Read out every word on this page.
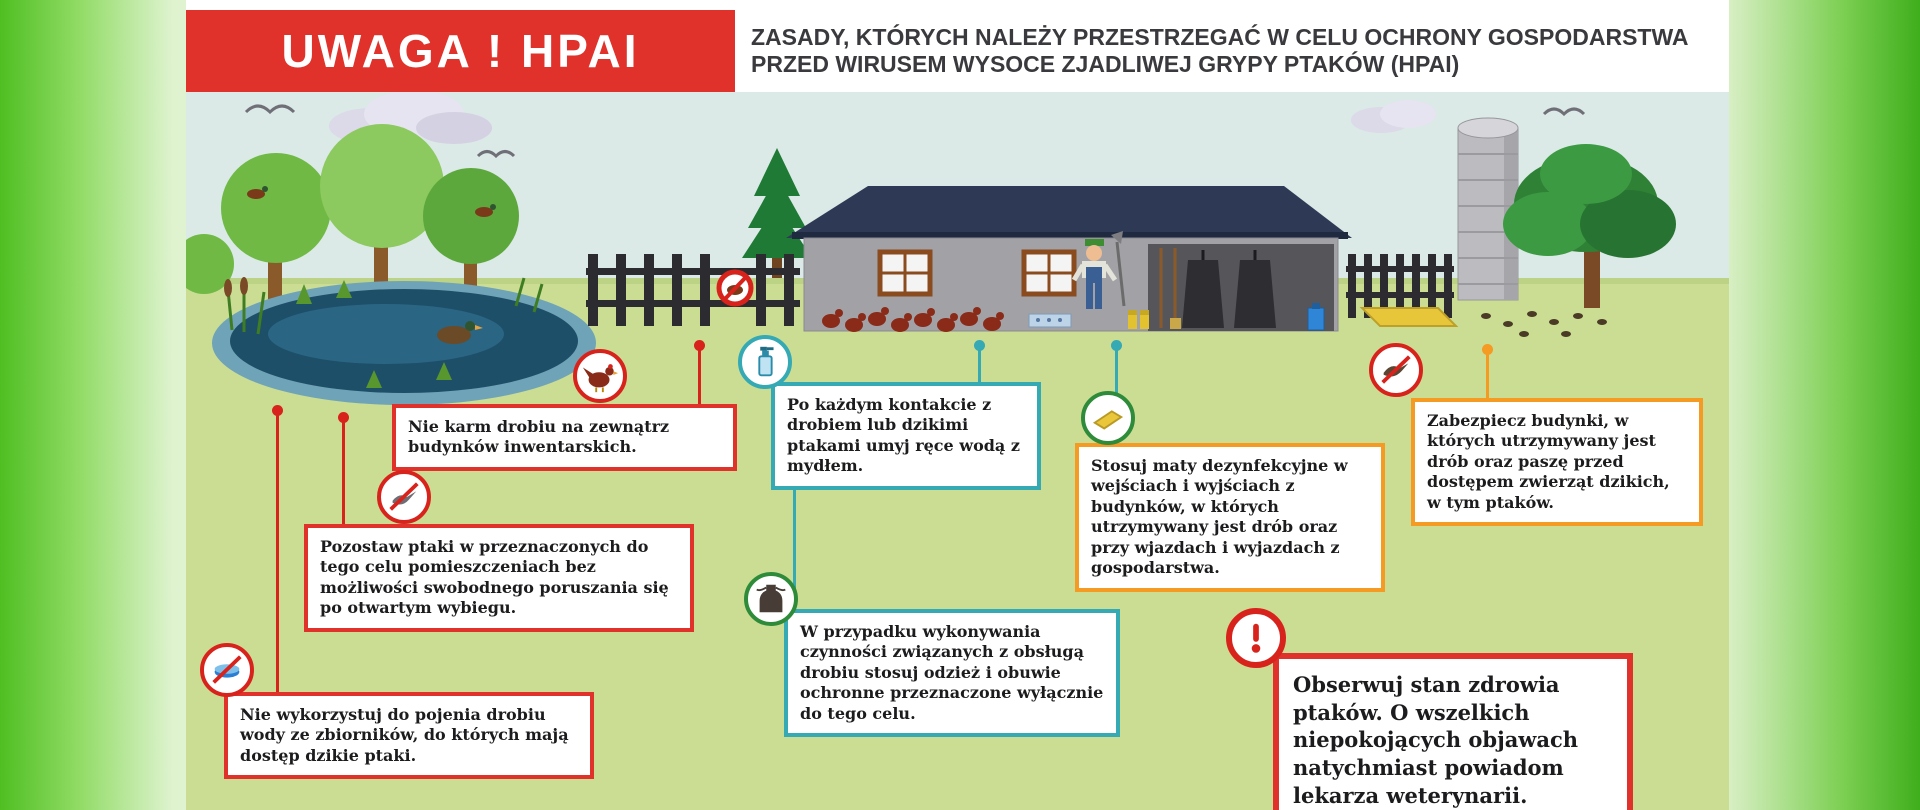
UWAGA ! HPAI	ZASADY, KTÓRYCH NALEŻY PRZESTRZEGAĆ W CELU OCHRONY GOSPODARSTWA PRZED WIRUSEM WYSOCE ZJADLIWEJ GRYPY PTAKÓW (HPAI)
Nie karm drobiu na zewnątrz budynków inwentarskich.
Po każdym kontakcie z drobiem lub dzikimi ptakami umyj ręce wodą z mydłem.	Stosuj maty dezynfekcyjne w wejściach i wyjściach z budynków, w których utrzymywany jest drób oraz przy wjazdach i wyjazdach z gospodarstwa.
Zabezpiecz budynki, w których utrzymywany jest drób oraz paszę przed dostępem zwierząt dzikich, w tym ptaków.
Pozostaw ptaki w przeznaczonych do tego celu pomieszczeniach bez możliwości swobodnego poruszania się po otwartym wybiegu.
W przypadku wykonywania czynności związanych z obsługą drobiu stosuj odzież i obuwie ochronne przeznaczone wyłącznie do tego celu.
Nie wykorzystuj do pojenia drobiu wody ze zbiorników, do których mają dostęp dzikie ptaki.
Obserwuj stan zdrowia ptaków. O wszelkich niepokojących objawach natychmiast powiadom lekarza weterynarii.
